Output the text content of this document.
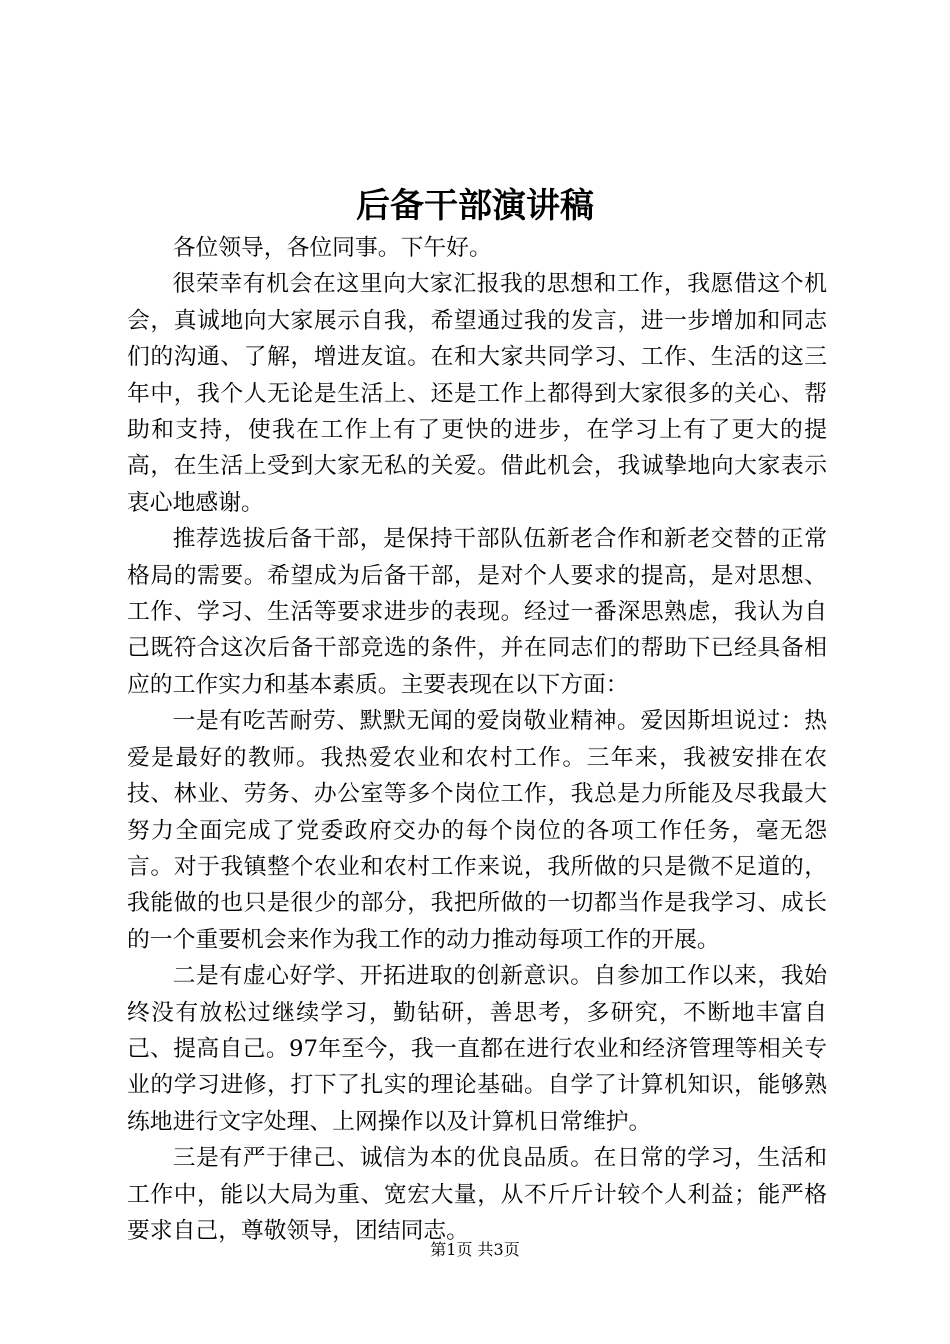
后备干部演讲稿

各位领导，各位同事。下午好。

很荣幸有机会在这里向大家汇报我的思想和工作，我愿借这个机会，真诚地向大家展示自我，希望通过我的发言，进一步增加和同志们的沟通、了解，增进友谊。在和大家共同学习、工作、生活的这三年中，我个人无论是生活上、还是工作上都得到大家很多的关心、帮助和支持，使我在工作上有了更快的进步，在学习上有了更大的提高，在生活上受到大家无私的关爱。借此机会，我诚挚地向大家表示衷心地感谢。

推荐选拔后备干部，是保持干部队伍新老合作和新老交替的正常格局的需要。希望成为后备干部，是对个人要求的提高，是对思想、工作、学习、生活等要求进步的表现。经过一番深思熟虑，我认为自己既符合这次后备干部竞选的条件，并在同志们的帮助下已经具备相应的工作实力和基本素质。主要表现在以下方面：

一是有吃苦耐劳、默默无闻的爱岗敬业精神。爱因斯坦说过：热爱是最好的教师。我热爱农业和农村工作。三年来，我被安排在农技、林业、劳务、办公室等多个岗位工作，我总是力所能及尽我最大努力全面完成了党委政府交办的每个岗位的各项工作任务，毫无怨言。对于我镇整个农业和农村工作来说，我所做的只是微不足道的，我能做的也只是很少的部分，我把所做的一切都当作是我学习、成长的一个重要机会来作为我工作的动力推动每项工作的开展。

二是有虚心好学、开拓进取的创新意识。自参加工作以来，我始终没有放松过继续学习，勤钻研，善思考，多研究，不断地丰富自己、提高自己。97年至今，我一直都在进行农业和经济管理等相关专业的学习进修，打下了扎实的理论基础。自学了计算机知识，能够熟练地进行文字处理、上网操作以及计算机日常维护。

三是有严于律己、诚信为本的优良品质。在日常的学习，生活和工作中，能以大局为重、宽宏大量，从不斤斤计较个人利益；能严格要求自己，尊敬领导，团结同志。

第1页 共3页
